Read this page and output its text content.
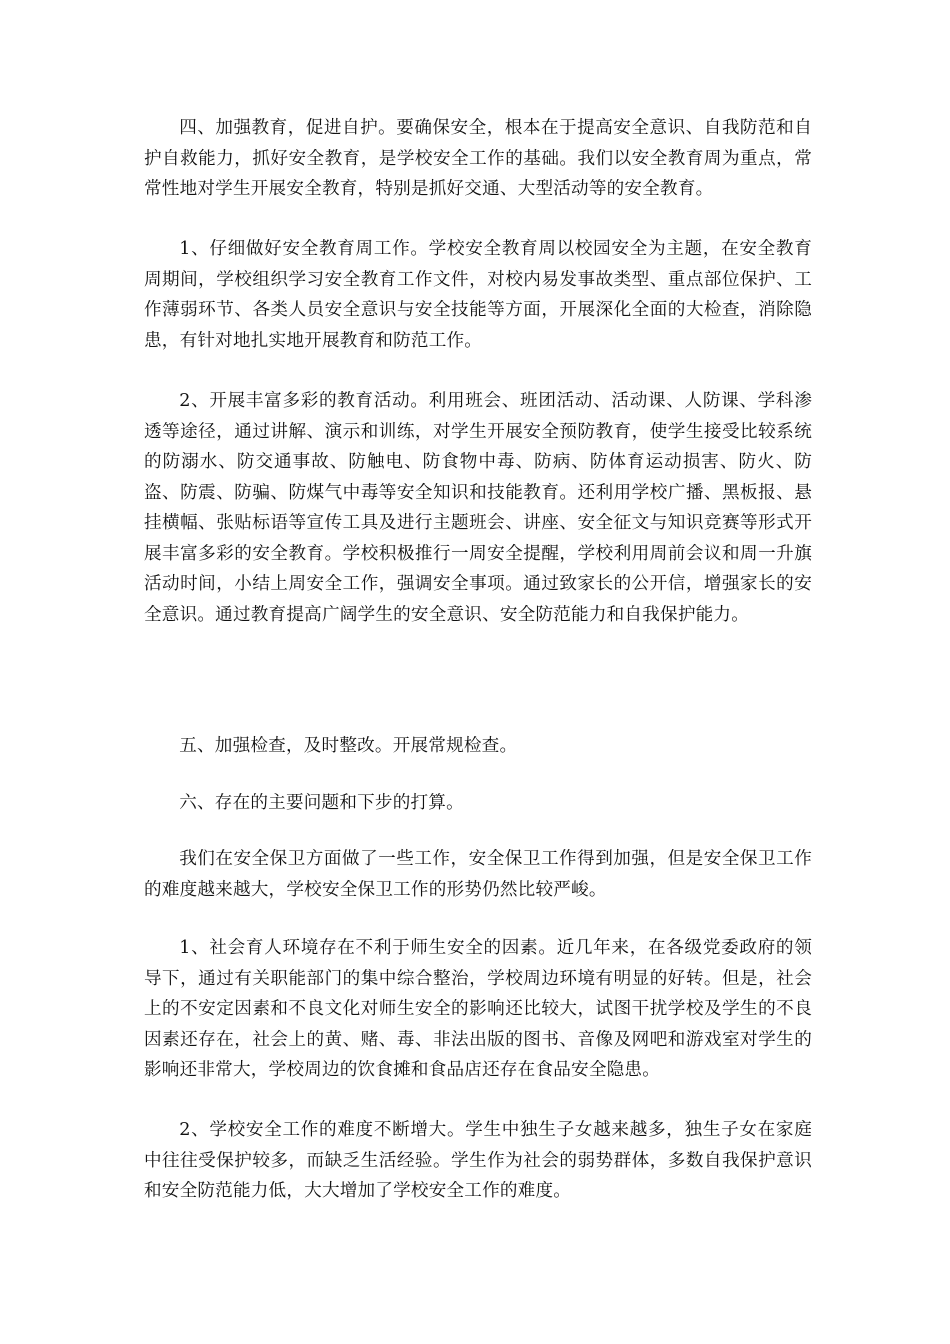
四、加强教育，促进自护。要确保安全，根本在于提高安全意识、自我防范和自护自救能力，抓好安全教育，是学校安全工作的基础。我们以安全教育周为重点，常常性地对学生开展安全教育，特别是抓好交通、大型活动等的安全教育。

1、仔细做好安全教育周工作。学校安全教育周以校园安全为主题，在安全教育周期间，学校组织学习安全教育工作文件，对校内易发事故类型、重点部位保护、工作薄弱环节、各类人员安全意识与安全技能等方面，开展深化全面的大检查，消除隐患，有针对地扎实地开展教育和防范工作。

2、开展丰富多彩的教育活动。利用班会、班团活动、活动课、人防课、学科渗透等途径，通过讲解、演示和训练，对学生开展安全预防教育，使学生接受比较系统的防溺水、防交通事故、防触电、防食物中毒、防病、防体育运动损害、防火、防盗、防震、防骗、防煤气中毒等安全知识和技能教育。还利用学校广播、黑板报、悬挂横幅、张贴标语等宣传工具及进行主题班会、讲座、安全征文与知识竞赛等形式开展丰富多彩的安全教育。学校积极推行一周安全提醒，学校利用周前会议和周一升旗活动时间，小结上周安全工作，强调安全事项。通过致家长的公开信，增强家长的安全意识。通过教育提高广阔学生的安全意识、安全防范能力和自我保护能力。

五、加强检查，及时整改。开展常规检查。

六、存在的主要问题和下步的打算。

我们在安全保卫方面做了一些工作，安全保卫工作得到加强，但是安全保卫工作的难度越来越大，学校安全保卫工作的形势仍然比较严峻。

1、社会育人环境存在不利于师生安全的因素。近几年来，在各级党委政府的领导下，通过有关职能部门的集中综合整治，学校周边环境有明显的好转。但是，社会上的不安定因素和不良文化对师生安全的影响还比较大，试图干扰学校及学生的不良因素还存在，社会上的黄、赌、毒、非法出版的图书、音像及网吧和游戏室对学生的影响还非常大，学校周边的饮食摊和食品店还存在食品安全隐患。

2、学校安全工作的难度不断增大。学生中独生子女越来越多，独生子女在家庭中往往受保护较多，而缺乏生活经验。学生作为社会的弱势群体，多数自我保护意识和安全防范能力低，大大增加了学校安全工作的难度。
